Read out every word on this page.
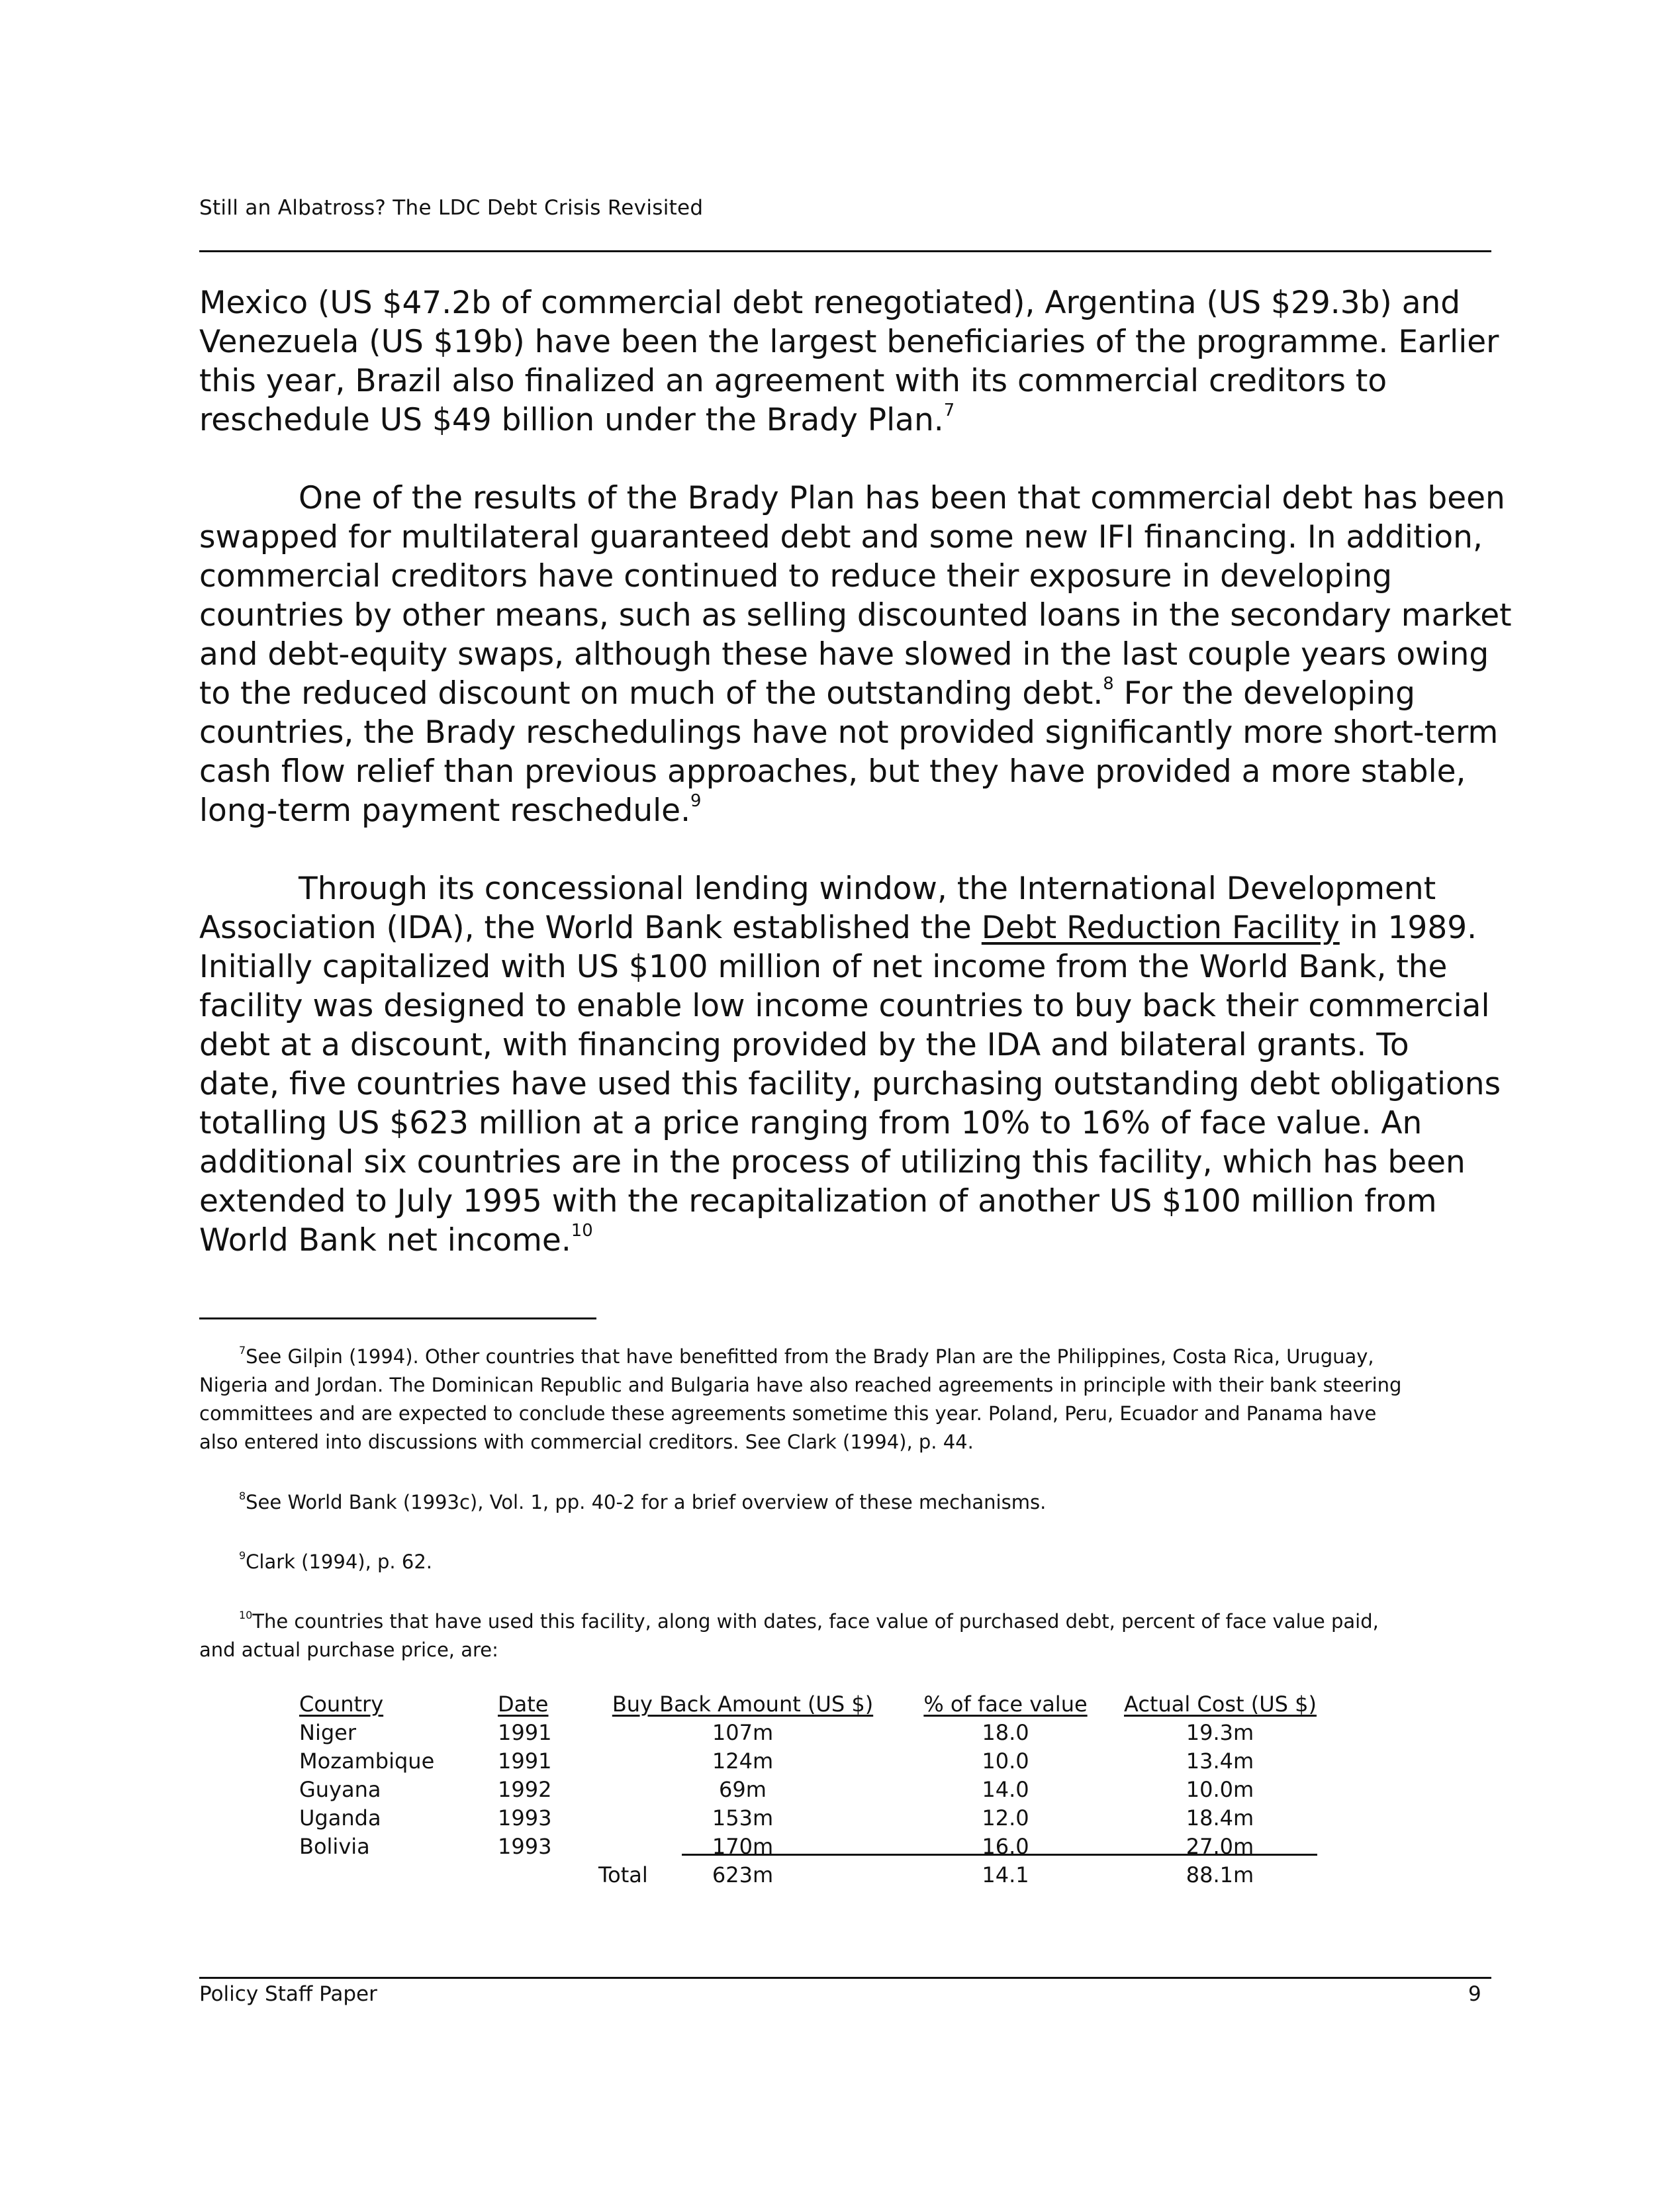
Still an Albatross? The LDC Debt Crisis Revisited
Mexico (US $47.2b of commercial debt renegotiated), Argentina (US $29.3b) and
Venezuela (US $19b) have been the largest beneficiaries of the programme. Earlier
this year, Brazil also finalized an agreement with its commercial creditors to
reschedule US $49 billion under the Brady Plan.$^7$
One of the results of the Brady Plan has been that commercial debt has been
swapped for multilateral guaranteed debt and some new IFI financing. In addition,
commercial creditors have continued to reduce their exposure in developing
countries by other means, such as selling discounted loans in the secondary market
and debt-equity swaps, although these have slowed in the last couple years owing
to the reduced discount on much of the outstanding debt.$^8$ For the developing
countries, the Brady reschedulings have not provided significantly more short-term
cash flow relief than previous approaches, but they have provided a more stable,
long-term payment reschedule.$^9$
Through its concessional lending window, the International Development
Association (IDA), the World Bank established the Debt Reduction Facility in 1989.
Initially capitalized with US $100 million of net income from the World Bank, the
facility was designed to enable low income countries to buy back their commercial
debt at a discount, with financing provided by the IDA and bilateral grants. To
date, five countries have used this facility, purchasing outstanding debt obligations
totalling US $623 million at a price ranging from 10% to 16% of face value. An
additional six countries are in the process of utilizing this facility, which has been
extended to July 1995 with the recapitalization of another US $100 million from
World Bank net income.$^{10}$
$^7$See Gilpin (1994). Other countries that have benefitted from the Brady Plan are the Philippines, Costa Rica, Uruguay,
Nigeria and Jordan. The Dominican Republic and Bulgaria have also reached agreements in principle with their bank steering
committees and are expected to conclude these agreements sometime this year. Poland, Peru, Ecuador and Panama have
also entered into discussions with commercial creditors. See Clark (1994), p. 44.
$^8$See World Bank (1993c), Vol. 1, pp. 40-2 for a brief overview of these mechanisms.
$^9$Clark (1994), p. 62.
$^{10}$The countries that have used this facility, along with dates, face value of purchased debt, percent of face value paid,
and actual purchase price, are:
Country	Date	Buy Back Amount (US $)	% of face value	Actual Cost (US $)
Niger	1991	107m	18.0	19.3m
Mozambique	1991	124m	10.0	13.4m
Guyana	1992	69m	14.0	10.0m
Uganda	1993	153m	12.0	18.4m
Bolivia	1993	170m	16.0	27.0m
Total	623m	14.1	88.1m
Policy Staff Paper	9
